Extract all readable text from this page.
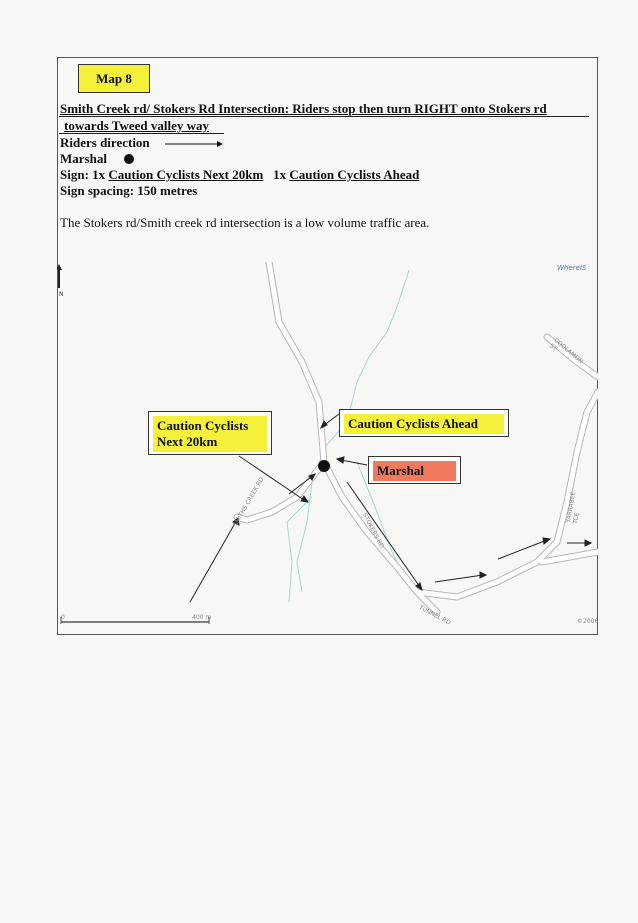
Map 8
Smith Creek rd/ Stokers Rd Intersection: Riders stop then turn RIGHT onto Stokers rd
towards Tweed valley way
Riders direction
Marshal
Sign: 1x Caution Cyclists Next 20km 1x Caution Cyclists Ahead
Sign spacing: 150 metres
The Stokers rd/Smith creek rd intersection is a low volume traffic area.
N
0	400 m
©2006
WhereIS
SMITHS CREEK RD
STOKERS RD
TUNNEL RD
COOLAMON ST
YARRABEE TCE
Caution Cyclists Next 20km
Caution Cyclists Ahead
Marshal
